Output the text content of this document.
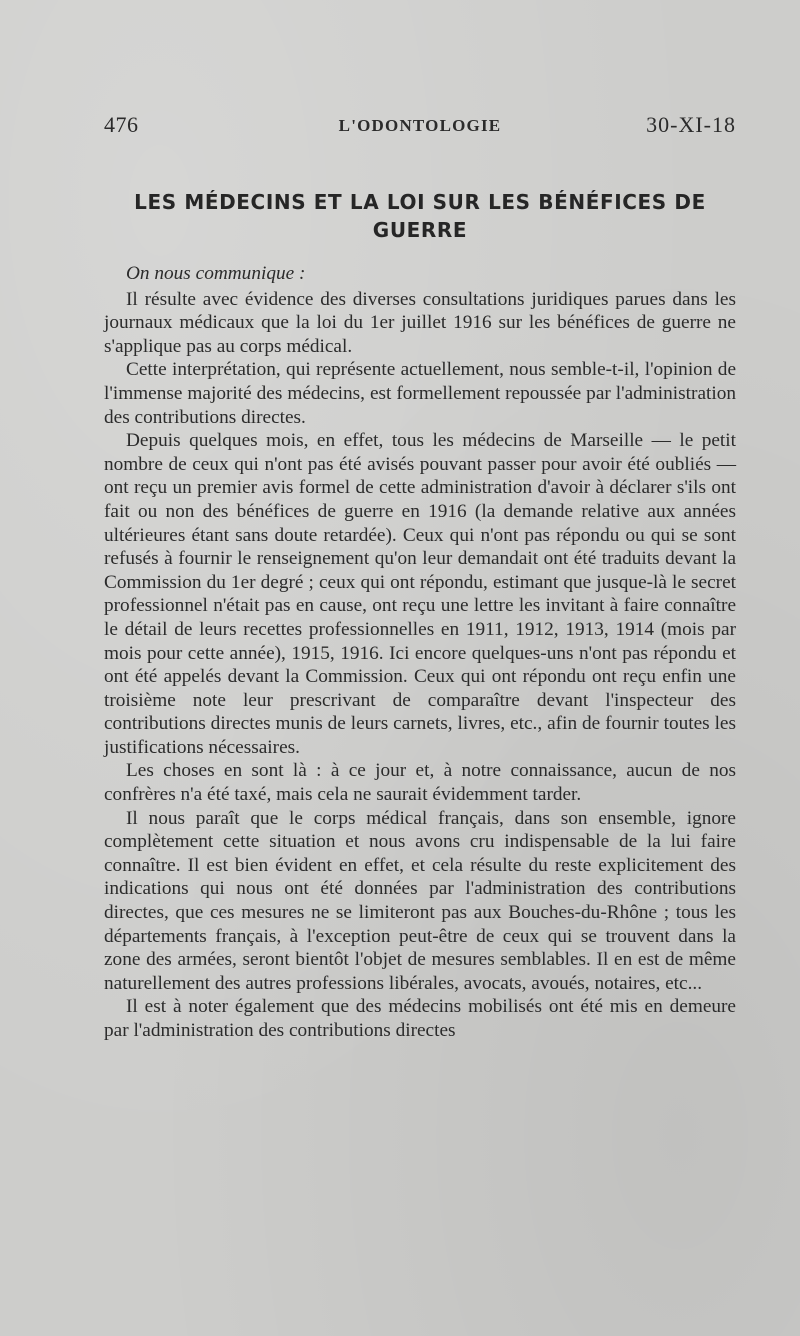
476	L'ODONTOLOGIE	30-XI-18
LES MÉDECINS ET LA LOI SUR LES BÉNÉFICES DE GUERRE

On nous communique :

Il résulte avec évidence des diverses consultations juridiques parues dans les journaux médicaux que la loi du 1er juillet 1916 sur les bénéfices de guerre ne s'applique pas au corps médical.

Cette interprétation, qui représente actuellement, nous semble-t-il, l'opinion de l'immense majorité des médecins, est formellement repoussée par l'administration des contributions directes.

Depuis quelques mois, en effet, tous les médecins de Marseille — le petit nombre de ceux qui n'ont pas été avisés pouvant passer pour avoir été oubliés — ont reçu un premier avis formel de cette administration d'avoir à déclarer s'ils ont fait ou non des bénéfices de guerre en 1916 (la demande relative aux années ultérieures étant sans doute retardée). Ceux qui n'ont pas répondu ou qui se sont refusés à fournir le renseignement qu'on leur demandait ont été traduits devant la Commission du 1er degré ; ceux qui ont répondu, estimant que jusque-là le secret professionnel n'était pas en cause, ont reçu une lettre les invitant à faire connaître le détail de leurs recettes professionnelles en 1911, 1912, 1913, 1914 (mois par mois pour cette année), 1915, 1916. Ici encore quelques-uns n'ont pas répondu et ont été appelés devant la Commission. Ceux qui ont répondu ont reçu enfin une troisième note leur prescrivant de comparaître devant l'inspecteur des contributions directes munis de leurs carnets, livres, etc., afin de fournir toutes les justifications nécessaires.

Les choses en sont là : à ce jour et, à notre connaissance, aucun de nos confrères n'a été taxé, mais cela ne saurait évidemment tarder.

Il nous paraît que le corps médical français, dans son ensemble, ignore complètement cette situation et nous avons cru indispensable de la lui faire connaître. Il est bien évident en effet, et cela résulte du reste explicitement des indications qui nous ont été données par l'administration des contributions directes, que ces mesures ne se limiteront pas aux Bouches-du-Rhône ; tous les départements français, à l'exception peut-être de ceux qui se trouvent dans la zone des armées, seront bientôt l'objet de mesures semblables. Il en est de même naturellement des autres professions libérales, avocats, avoués, notaires, etc...

Il est à noter également que des médecins mobilisés ont été mis en demeure par l'administration des contributions directes
